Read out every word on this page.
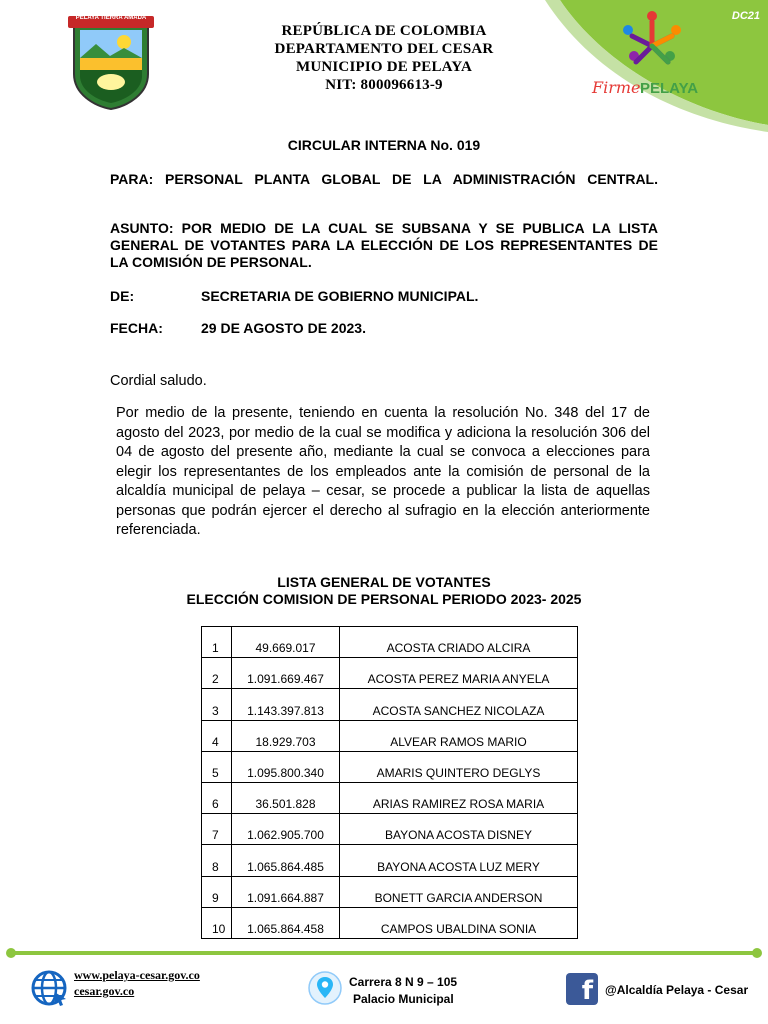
DC21
PELAYA TIERRA AMADA
REPÚBLICA DE COLOMBIA
DEPARTAMENTO DEL CESAR
MUNICIPIO DE PELAYA
NIT: 800096613-9	Firme PELAYA
CIRCULAR INTERNA No. 019
PARA: PERSONAL PLANTA GLOBAL DE LA ADMINISTRACIÓN CENTRAL.
ASUNTO: POR MEDIO DE LA CUAL SE SUBSANA Y SE PUBLICA LA LISTA GENERAL DE VOTANTES PARA LA ELECCIÓN DE LOS REPRESENTANTES DE LA COMISIÓN DE PERSONAL.
DE:	SECRETARIA DE GOBIERNO MUNICIPAL.
FECHA:	29 DE AGOSTO DE 2023.
Cordial saludo.
Por medio de la presente, teniendo en cuenta la resolución No. 348 del 17 de agosto del 2023, por medio de la cual se modifica y adiciona la resolución 306 del 04 de agosto del presente año, mediante la cual se convoca a elecciones para elegir los representantes de los empleados ante la comisión de personal de la alcaldía municipal de pelaya – cesar, se procede a publicar la lista de aquellas personas que podrán ejercer el derecho al sufragio en la elección anteriormente referenciada.
LISTA GENERAL DE VOTANTES
ELECCIÓN COMISION DE PERSONAL PERIODO 2023- 2025
1	49.669.017	ACOSTA CRIADO ALCIRA
2	1.091.669.467	ACOSTA PEREZ MARIA ANYELA
3	1.143.397.813	ACOSTA SANCHEZ NICOLAZA
4	18.929.703	ALVEAR RAMOS MARIO
5	1.095.800.340	AMARIS QUINTERO DEGLYS
6	36.501.828	ARIAS RAMIREZ ROSA MARIA
7	1.062.905.700	BAYONA ACOSTA DISNEY
8	1.065.864.485	BAYONA ACOSTA LUZ MERY
9	1.091.664.887	BONETT GARCIA ANDERSON
10	1.065.864.458	CAMPOS UBALDINA SONIA
www.pelaya-cesar.gov.co
cesar.gov.co
Carrera 8 N 9 – 105
Palacio Municipal	f	@Alcaldía Pelaya - Cesar
